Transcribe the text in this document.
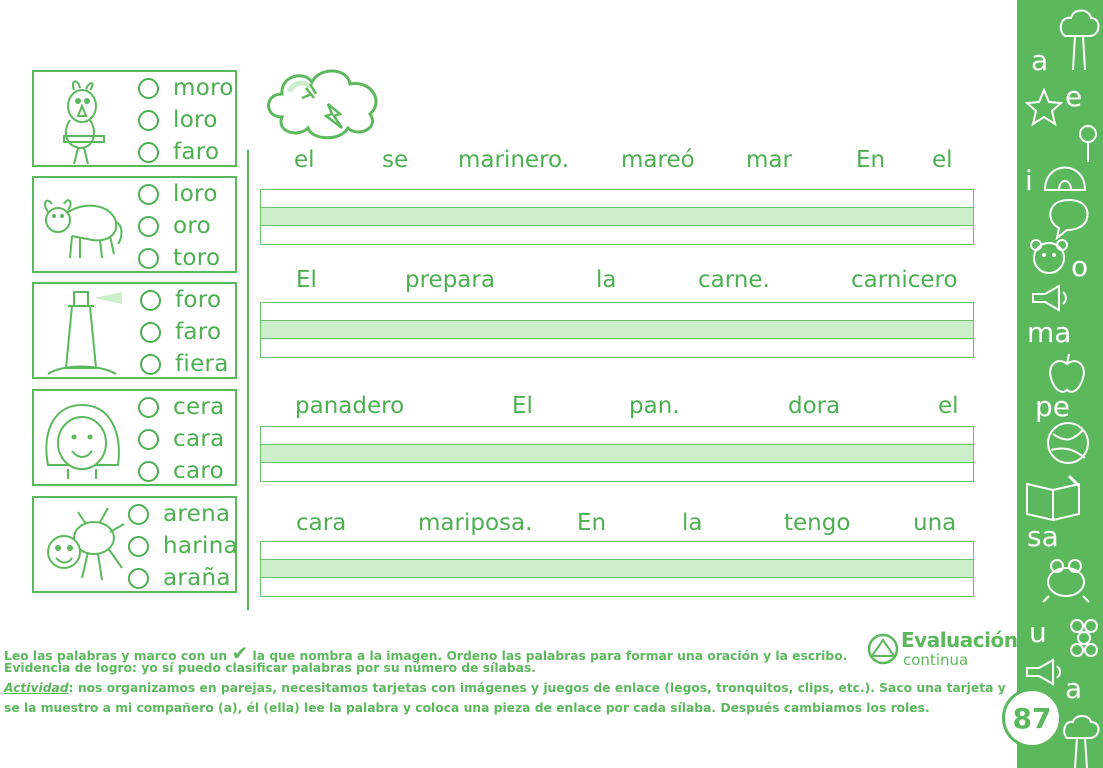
moro
loro
faro
loro
oro
toro
foro
faro
fiera
cera
cara
caro
arena
harina
araña
el	se marinero. mareó mar	En el
El	prepara	la	carne.	carnicero
panadero	El	pan.	dora	el
cara	mariposa. En	la	tengo	una
Leo las palabras y marco con un ✔ la que nombra a la imagen. Ordeno las palabras para formar una oración y la escribo.
Evidencia de logro: yo sí puedo clasificar palabras por su número de sílabas.
Actividad: nos organizamos en parejas, necesitamos tarjetas con imágenes y juegos de enlace (legos, tronquitos, clips, etc.). Saco una tarjeta y
se la muestro a mi compañero (a), él (ella) lee la palabra y coloca una pieza de enlace por cada sílaba. Después cambiamos los roles.
Evaluación
continua
a
e
i
o
ma
pe
sa
u
a
87
